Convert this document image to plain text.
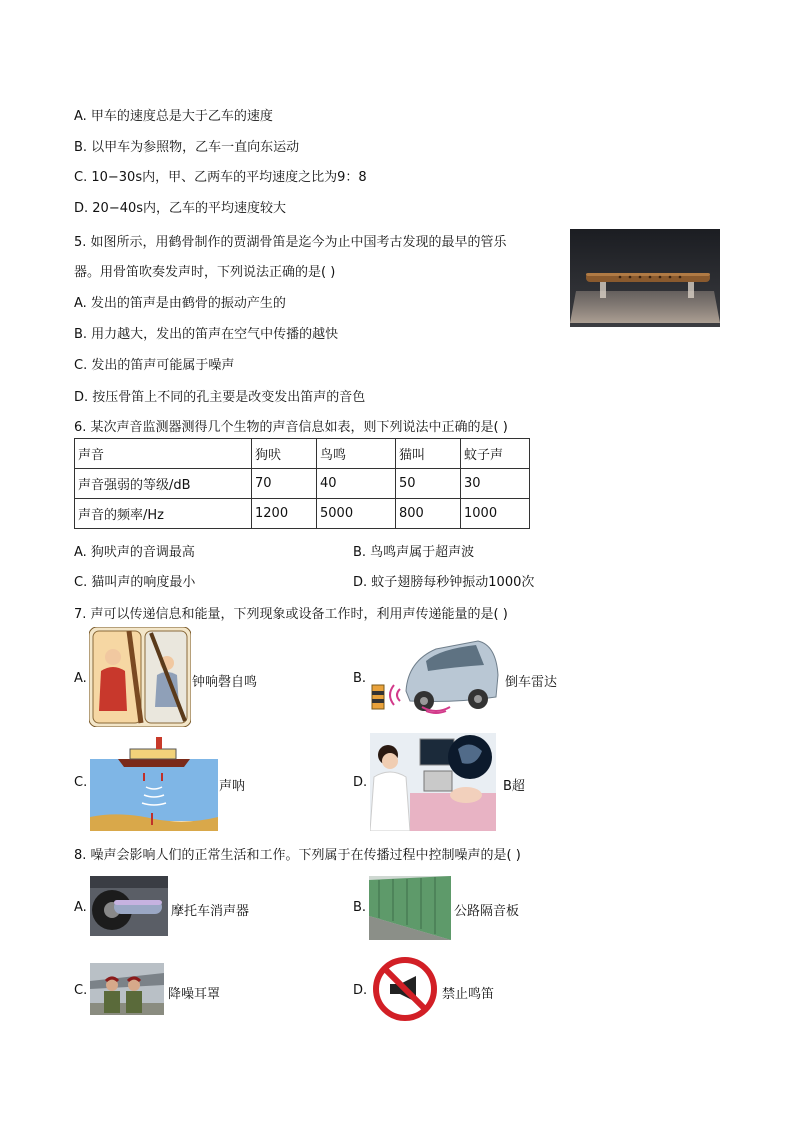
A. 甲车的速度总是大于乙车的速度
B. 以甲车为参照物，乙车一直向东运动
C. 10−30s内，甲、乙两车的平均速度之比为9：8
D. 20−40s内，乙车的平均速度较大
5. 如图所示，用鹤骨制作的贾湖骨笛是迄今为止中国考古发现的最早的管乐
器。用骨笛吹奏发声时，下列说法正确的是( )
A. 发出的笛声是由鹤骨的振动产生的
B. 用力越大，发出的笛声在空气中传播的越快
C. 发出的笛声可能属于噪声
D. 按压骨笛上不同的孔主要是改变发出笛声的音色
6. 某次声音监测器测得几个生物的声音信息如表，则下列说法中正确的是( )
声音	狗吠	鸟鸣	猫叫	蚊子声
声音强弱的等级/dB	70	40	50	30
声音的频率/Hz	1200	5000	800	1000
A. 狗吠声的音调最高	B. 鸟鸣声属于超声波
C. 猫叫声的响度最小	D. 蚊子翅膀每秒钟振动1000次
7. 声可以传递信息和能量，下列现象或设备工作时，利用声传递能量的是( )
A.	钟响磬自鸣	B.	倒车雷达
C.	声呐	D.	B超
8. 噪声会影响人们的正常生活和工作。下列属于在传播过程中控制噪声的是( )
A.	摩托车消声器	B.	公路隔音板
C.	降噪耳罩	D.	禁止鸣笛
